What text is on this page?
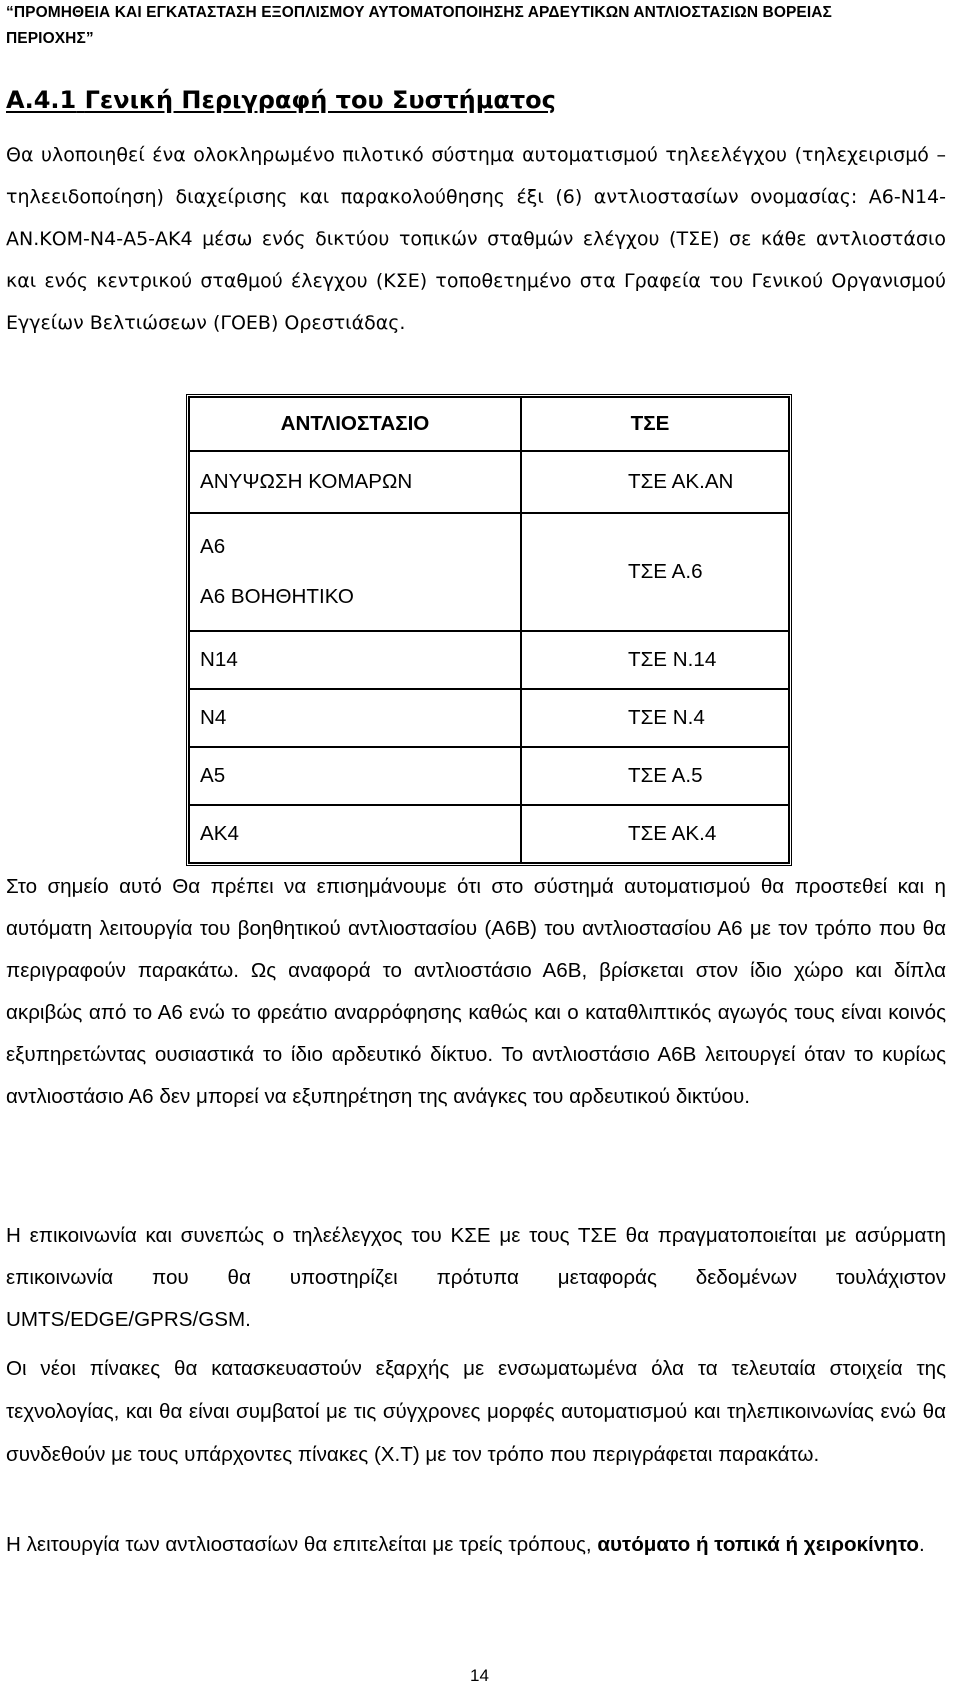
“ΠΡΟΜΗΘΕΙΑ ΚΑΙ ΕΓΚΑΤΑΣΤΑΣΗ ΕΞΟΠΛΙΣΜΟΥ ΑΥΤΟΜΑΤΟΠΟΙΗΣΗΣ ΑΡΔΕΥΤΙΚΩΝ ΑΝΤΛΙΟΣΤΑΣΙΩΝ ΒΟΡΕΙΑΣ ΠΕΡΙΟΧΗΣ”
Α.4.1 Γενική Περιγραφή του Συστήματος
Θα υλοποιηθεί ένα ολοκληρωμένο πιλοτικό σύστημα αυτοματισμού τηλεελέγχου (τηλεχειρισμό – τηλεειδοποίηση) διαχείρισης και παρακολούθησης έξι (6) αντλιοστασίων ονομασίας: Α6-Ν14-ΑΝ.ΚΟΜ-Ν4-Α5-ΑΚ4 μέσω ενός δικτύου τοπικών σταθμών ελέγχου (ΤΣΕ) σε κάθε αντλιοστάσιο και ενός κεντρικού σταθμού έλεγχου (ΚΣΕ) τοποθετημένο στα Γραφεία του Γενικού Οργανισμού Εγγείων Βελτιώσεων (ΓΟΕΒ) Ορεστιάδας.
ΑΝΤΛΙΟΣΤΑΣΙΟ	ΤΣΕ
ΑΝΥΨΩΣΗ ΚΟΜΑΡΩΝ	ΤΣΕ ΑΚ.ΑΝ
Α6
Α6 ΒΟΗΘΗΤΙΚΟ	ΤΣΕ Α.6
Ν14	ΤΣΕ Ν.14
Ν4	ΤΣΕ Ν.4
Α5	ΤΣΕ Α.5
ΑΚ4	ΤΣΕ ΑΚ.4
Στο σημείο αυτό Θα πρέπει να επισημάνουμε ότι στο σύστημά αυτοματισμού θα προστεθεί και η αυτόματη λειτουργία του βοηθητικού αντλιοστασίου (Α6Β) του αντλιοστασίου Α6 με τον τρόπο που θα περιγραφούν παρακάτω. Ως αναφορά το αντλιοστάσιο Α6Β, βρίσκεται στον ίδιο χώρο και δίπλα ακριβώς από το Α6 ενώ το φρεάτιο αναρρόφησης καθώς και ο καταθλιπτικός αγωγός τους είναι κοινός εξυπηρετώντας ουσιαστικά το ίδιο αρδευτικό δίκτυο. Το αντλιοστάσιο Α6Β λειτουργεί όταν το κυρίως αντλιοστάσιο Α6 δεν μπορεί να εξυπηρέτηση της ανάγκες του αρδευτικού δικτύου.
Η επικοινωνία και συνεπώς ο τηλεέλεγχος του ΚΣΕ με τους ΤΣΕ θα πραγματοποιείται με ασύρματη επικοινωνία που θα υποστηρίζει πρότυπα μεταφοράς δεδομένων τουλάχιστον UMTS/EDGE/GPRS/GSM.
Οι νέοι πίνακες θα κατασκευαστούν εξαρχής με ενσωματωμένα όλα τα τελευταία στοιχεία της τεχνολογίας, και θα είναι συμβατοί με τις σύγχρονες μορφές αυτοματισμού και τηλεπικοινωνίας ενώ θα συνδεθούν με τους υπάρχοντες πίνακες (Χ.Τ) με τον τρόπο που περιγράφεται παρακάτω.
Η λειτουργία των αντλιοστασίων θα επιτελείται με τρείς τρόπους, αυτόματο ή τοπικά ή χειροκίνητο.
14
